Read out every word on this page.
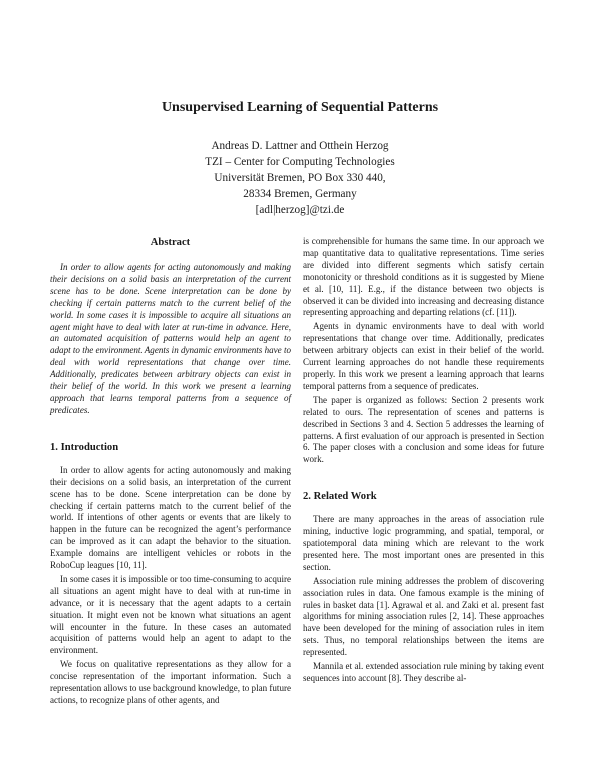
Unsupervised Learning of Sequential Patterns
Andreas D. Lattner and Otthein Herzog
TZI – Center for Computing Technologies
Universität Bremen, PO Box 330 440,
28334 Bremen, Germany
[adl|herzog]@tzi.de
Abstract

In order to allow agents for acting autonomously and making their decisions on a solid basis an interpretation of the current scene has to be done. Scene interpretation can be done by checking if certain patterns match to the current belief of the world. In some cases it is impossible to acquire all situations an agent might have to deal with later at run-time in advance. Here, an automated acquisition of patterns would help an agent to adapt to the environment. Agents in dynamic environments have to deal with world representations that change over time. Additionally, predicates between arbitrary objects can exist in their belief of the world. In this work we present a learning approach that learns temporal patterns from a sequence of predicates.

1. Introduction

In order to allow agents for acting autonomously and making their decisions on a solid basis, an interpretation of the current scene has to be done. Scene interpretation can be done by checking if certain patterns match to the current belief of the world. If intentions of other agents or events that are likely to happen in the future can be recognized the agent’s performance can be improved as it can adapt the behavior to the situation. Example domains are intelligent vehicles or robots in the RoboCup leagues [10, 11].

In some cases it is impossible or too time-consuming to acquire all situations an agent might have to deal with at run-time in advance, or it is necessary that the agent adapts to a certain situation. It might even not be known what situations an agent will encounter in the future. In these cases an automated acquisition of patterns would help an agent to adapt to the environment.

We focus on qualitative representations as they allow for a concise representation of the important information. Such a representation allows to use background knowledge, to plan future actions, to recognize plans of other agents, and

is comprehensible for humans the same time. In our approach we map quantitative data to qualitative representations. Time series are divided into different segments which satisfy certain monotonicity or threshold conditions as it is suggested by Miene et al. [10, 11]. E.g., if the distance between two objects is observed it can be divided into increasing and decreasing distance representing approaching and departing relations (cf. [11]).

Agents in dynamic environments have to deal with world representations that change over time. Additionally, predicates between arbitrary objects can exist in their belief of the world. Current learning approaches do not handle these requirements properly. In this work we present a learning approach that learns temporal patterns from a sequence of predicates.

The paper is organized as follows: Section 2 presents work related to ours. The representation of scenes and patterns is described in Sections 3 and 4. Section 5 addresses the learning of patterns. A first evaluation of our approach is presented in Section 6. The paper closes with a conclusion and some ideas for future work.

2. Related Work

There are many approaches in the areas of association rule mining, inductive logic programming, and spatial, temporal, or spatiotemporal data mining which are relevant to the work presented here. The most important ones are presented in this section.

Association rule mining addresses the problem of discovering association rules in data. One famous example is the mining of rules in basket data [1]. Agrawal et al. and Zaki et al. present fast algorithms for mining association rules [2, 14]. These approaches have been developed for the mining of association rules in item sets. Thus, no temporal relationships between the items are represented.

Mannila et al. extended association rule mining by taking event sequences into account [8]. They describe al-
